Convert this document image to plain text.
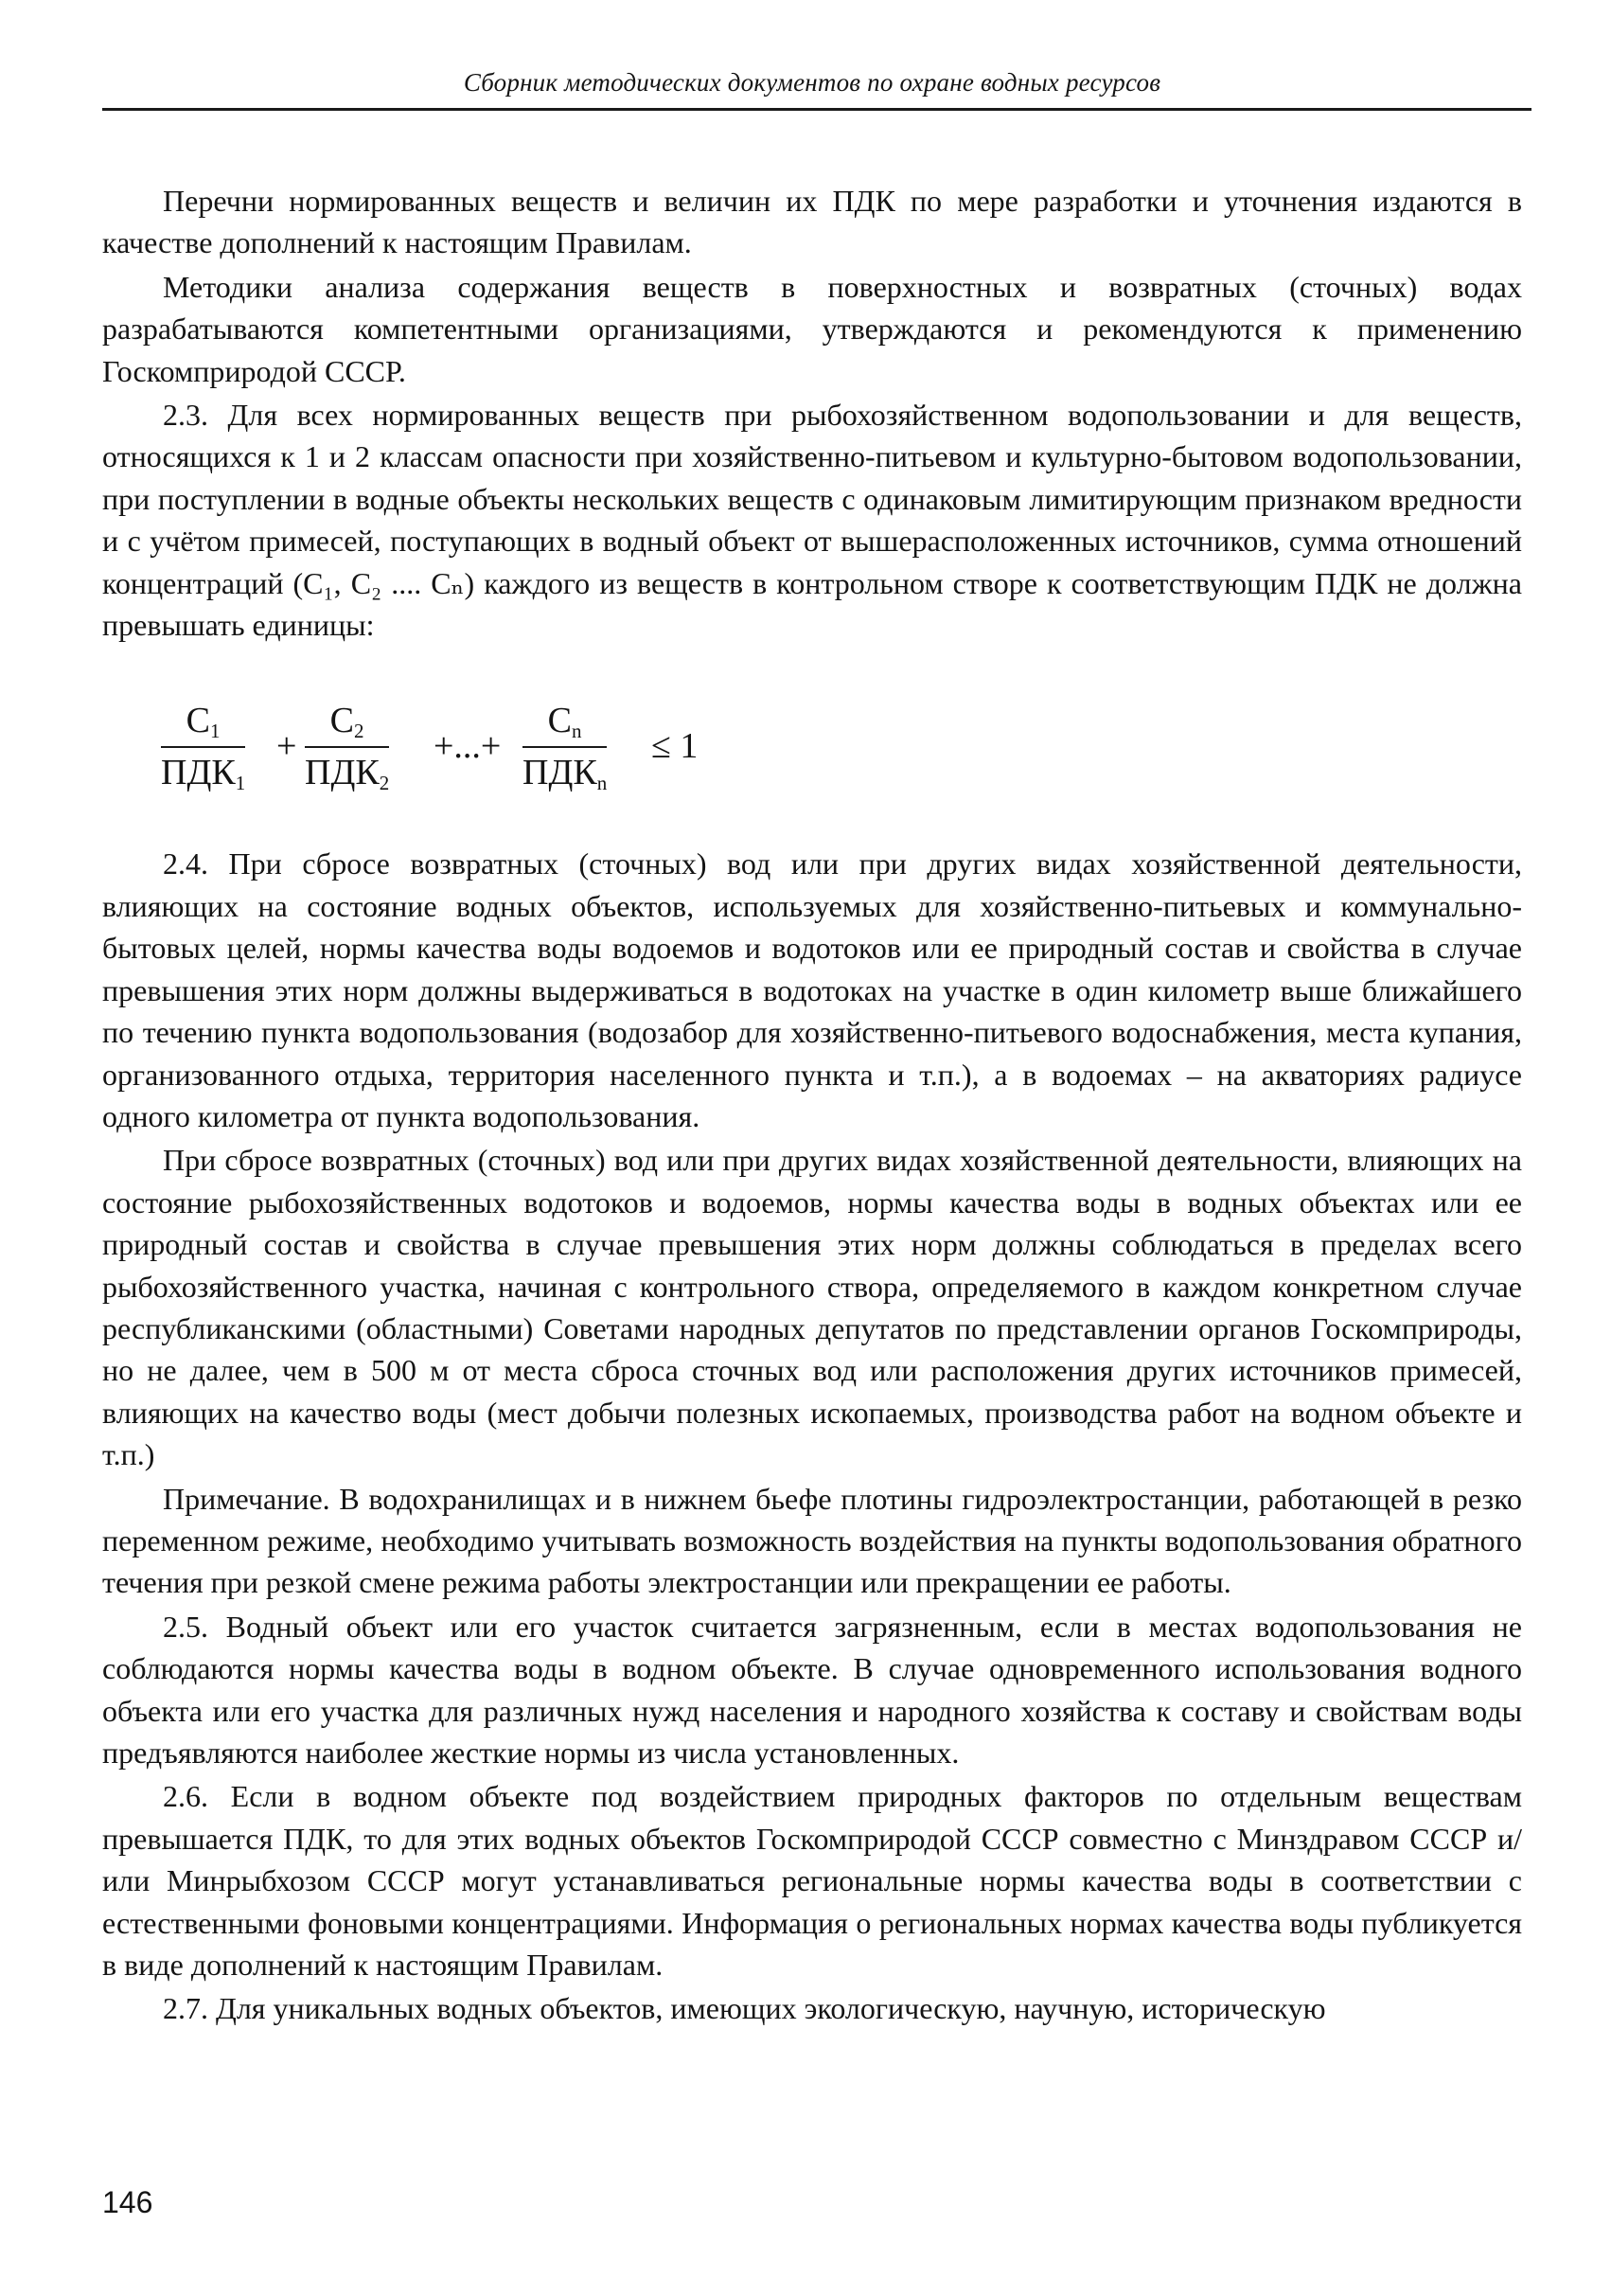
Сборник методических документов по охране водных ресурсов

Перечни нормированных веществ и величин их ПДК по мере разработки и уточнения издаются в качестве дополнений к настоящим Правилам.

Методики анализа содержания веществ в поверхностных и возвратных (сточных) водах разрабатываются компетентными организациями, утверждаются и рекомендуются к применению Госкомприродой СССР.

2.3. Для всех нормированных веществ при рыбохозяйственном водопользовании и для веществ, относящихся к 1 и 2 классам опасности при хозяйственно-питьевом и культурно-бытовом водопользовании, при поступлении в водные объекты нескольких веществ с одинаковым лимитирующим признаком вредности и с учётом примесей, поступающих в водный объект от вышерасположенных источников, сумма отношений концентраций (C₁, C₂ .... Cₙ) каждого из веществ в контрольном створе к соответствующим ПДК не должна превышать единицы:

$C_1$
$ПДК_1$
+
$C_2$
$ПДК_2$
+...+
$C_n$
$ПДК_n$
≤ 1

2.4. При сбросе возвратных (сточных) вод или при других видах хозяйственной деятельности, влияющих на состояние водных объектов, используемых для хозяйственно-питьевых и коммунально-бытовых целей, нормы качества воды водоемов и водотоков или ее природный состав и свойства в случае превышения этих норм должны выдерживаться в водотоках на участке в один километр выше ближайшего по течению пункта водопользования (водозабор для хозяйственно-питьевого водоснабжения, места купания, организованного отдыха, территория населенного пункта и т.п.), а в водоемах – на акваториях радиусе одного километра от пункта водопользования.

При сбросе возвратных (сточных) вод или при других видах хозяйственной деятельности, влияющих на состояние рыбохозяйственных водотоков и водоемов, нормы качества воды в водных объектах или ее природный состав и свойства в случае превышения этих норм должны соблюдаться в пределах всего рыбохозяйственного участка, начиная с контрольного створа, определяемого в каждом конкретном случае республиканскими (областными) Советами народных депутатов по представлении органов Госкомприроды, но не далее, чем в 500 м от места сброса сточных вод или расположения других источников примесей, влияющих на качество воды (мест добычи полезных ископаемых, производства работ на водном объекте и т.п.)

Примечание. В водохранилищах и в нижнем бьефе плотины гидроэлектростанции, работающей в резко переменном режиме, необходимо учитывать возможность воздействия на пункты водопользования обратного течения при резкой смене режима работы электростанции или прекращении ее работы.

2.5. Водный объект или его участок считается загрязненным, если в местах водопользования не соблюдаются нормы качества воды в водном объекте. В случае одновременного использования водного объекта или его участка для различных нужд населения и народного хозяйства к составу и свойствам воды предъявляются наиболее жесткие нормы из числа установленных.

2.6. Если в водном объекте под воздействием природных факторов по отдельным веществам превышается ПДК, то для этих водных объектов Госкомприродой СССР совместно с Минздравом СССР и/или Минрыбхозом СССР могут устанавливаться региональные нормы качества воды в соответствии с естественными фоновыми концентрациями. Информация о региональных нормах качества воды публикуется в виде дополнений к настоящим Правилам.

2.7. Для уникальных водных объектов, имеющих экологическую, научную, историческую

146
